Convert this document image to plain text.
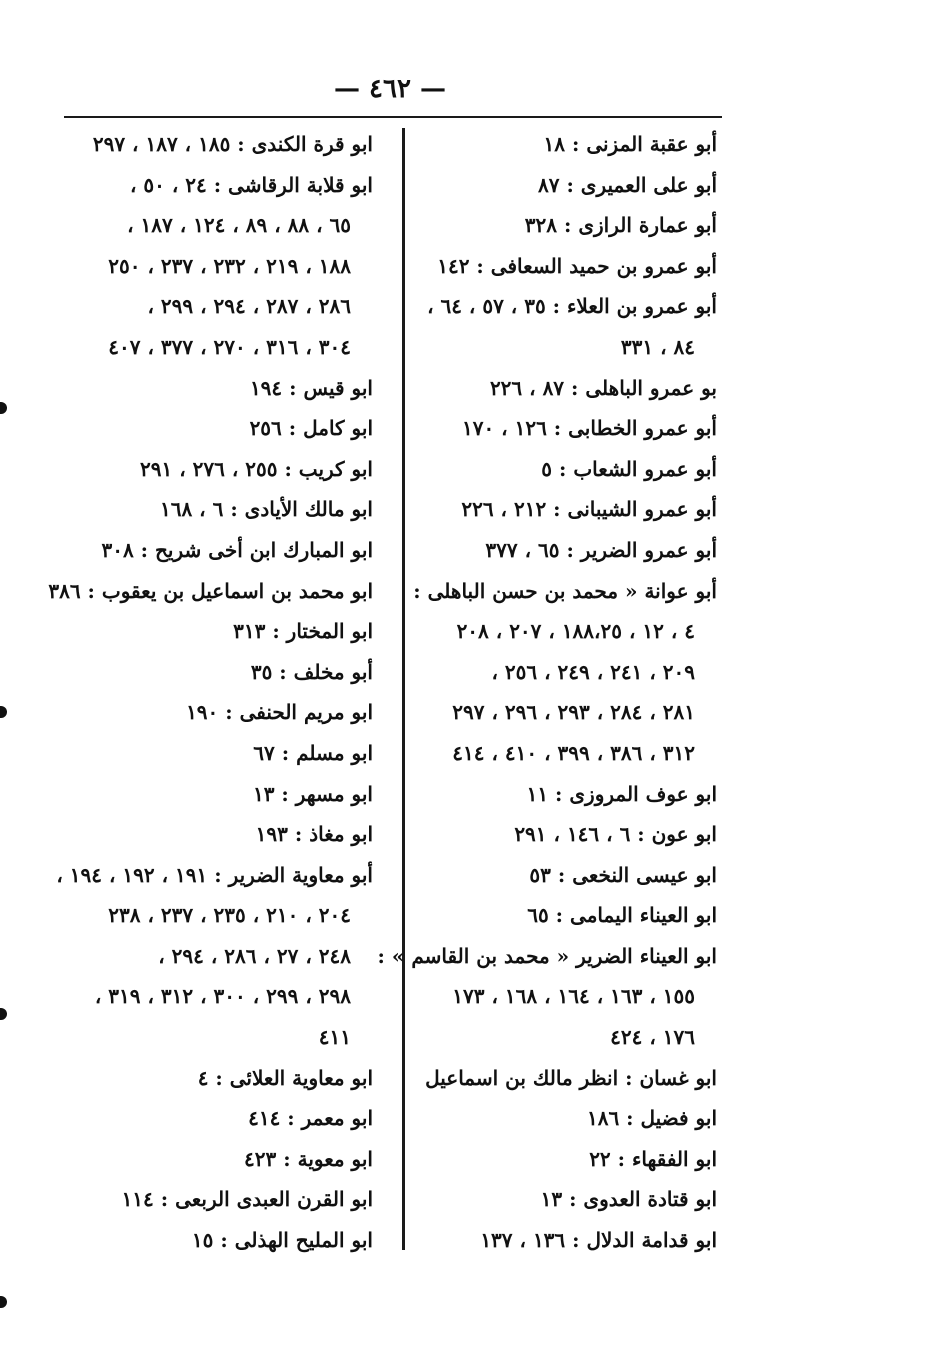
— ٤٦٢ —
أبو عقبة المزنى : ١٨
أبو على العميرى : ٨٧
أبو عمارة الرازى : ٣٢٨
أبو عمرو بن حميد السعافى : ١٤٢
أبو عمرو بن العلاء : ٣٥ ، ٥٧ ، ٦٤ ،
٨٤ ، ٣٣١
بو عمرو الباهلى : ٨٧ ، ٢٢٦
أبو عمرو الخطابى : ١٢٦ ، ١٧٠
أبو عمرو الشعاب : ٥
أبو عمرو الشيبانى : ٢١٢ ، ٢٢٦
أبو عمرو الضرير : ٦٥ ، ٣٧٧
أبو عوانة « محمد بن حسن الباهلى :
٤ ، ١٢ ، ١٨٨،٢٥ ، ٢٠٧ ، ٢٠٨
٢٠٩ ، ٢٤١ ، ٢٤٩ ، ٢٥٦ ،
٢٨١ ، ٢٨٤ ، ٢٩٣ ، ٢٩٦ ، ٢٩٧
٣١٢ ، ٣٨٦ ، ٣٩٩ ، ٤١٠ ، ٤١٤
ابو عوف المروزى : ١١
ابو عون : ٦ ، ١٤٦ ، ٢٩١
ابو عيسى النخعى : ٥٣
ابو العيناء اليمامى : ٦٥
ابو العيناء الضرير « محمد بن القاسم » :
١٥٥ ، ١٦٣ ، ١٦٤ ، ١٦٨ ، ١٧٣
١٧٦ ، ٤٢٤
ابو غسان : انظر مالك بن اسماعيل
ابو فضيل : ١٨٦
ابو الفقهاء : ٢٢
ابو قتادة العدوى : ١٣
ابو قدامة الدلال : ١٣٦ ، ١٣٧
ابو قرة الكندى : ١٨٥ ، ١٨٧ ، ٢٩٧
ابو قلابة الرقاشى : ٢٤ ، ٥٠ ،
٦٥ ، ٨٨ ، ٨٩ ، ١٢٤ ، ١٨٧ ،
١٨٨ ، ٢١٩ ، ٢٣٢ ، ٢٣٧ ، ٢٥٠
٢٨٦ ، ٢٨٧ ، ٢٩٤ ، ٢٩٩ ،
٣٠٤ ، ٣١٦ ، ٢٧٠ ، ٣٧٧ ، ٤٠٧
ابو قيس : ١٩٤
ابو كامل : ٢٥٦
ابو كريب : ٢٥٥ ، ٢٧٦ ، ٢٩١
ابو مالك الأيادى : ٦ ، ١٦٨
ابو المبارك ابن أخى شريح : ٣٠٨
ابو محمد بن اسماعيل بن يعقوب : ٣٨٦
ابو المختار : ٣١٣
أبو مخلف : ٣٥
ابو مريم الحنفى : ١٩٠
ابو مسلم : ٦٧
ابو مسهر : ١٣
ابو مغاذ : ١٩٣
أبو معاوية الضرير : ١٩١ ، ١٩٢ ، ١٩٤ ،
٢٠٤ ، ٢١٠ ، ٢٣٥ ، ٢٣٧ ، ٢٣٨
٢٤٨ ، ٢٧ ، ٢٨٦ ، ٢٩٤ ،
٢٩٨ ، ٢٩٩ ، ٣٠٠ ، ٣١٢ ، ٣١٩ ،
٤١١
ابو معاوية العلائى : ٤
ابو معمر : ٤١٤
ابو معوية : ٤٢٣
ابو القرن العبدى الربعى : ١١٤
ابو المليح الهذلى : ١٥
